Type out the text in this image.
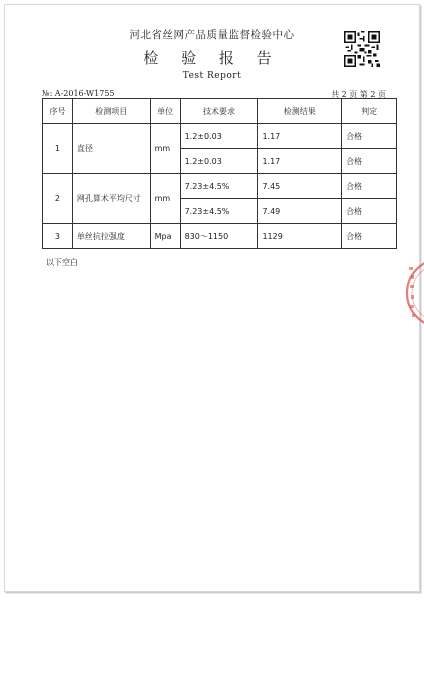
河北省丝网产品质量监督检验中心
检 验 报 告
Test Report
№: A-2016-W1755	共 2 页 第 2 页
序号	检测项目	单位	技术要求	检测结果	判定
1	直径	mm	1.2±0.03	1.17	合格
			1.2±0.03	1.17	合格
2	网孔算术平均尺寸	mm	7.23±4.5%	7.45	合格
			7.23±4.5%	7.49	合格
3	单丝抗拉强度	Mpa	830～1150	1129	合格
以下空白
